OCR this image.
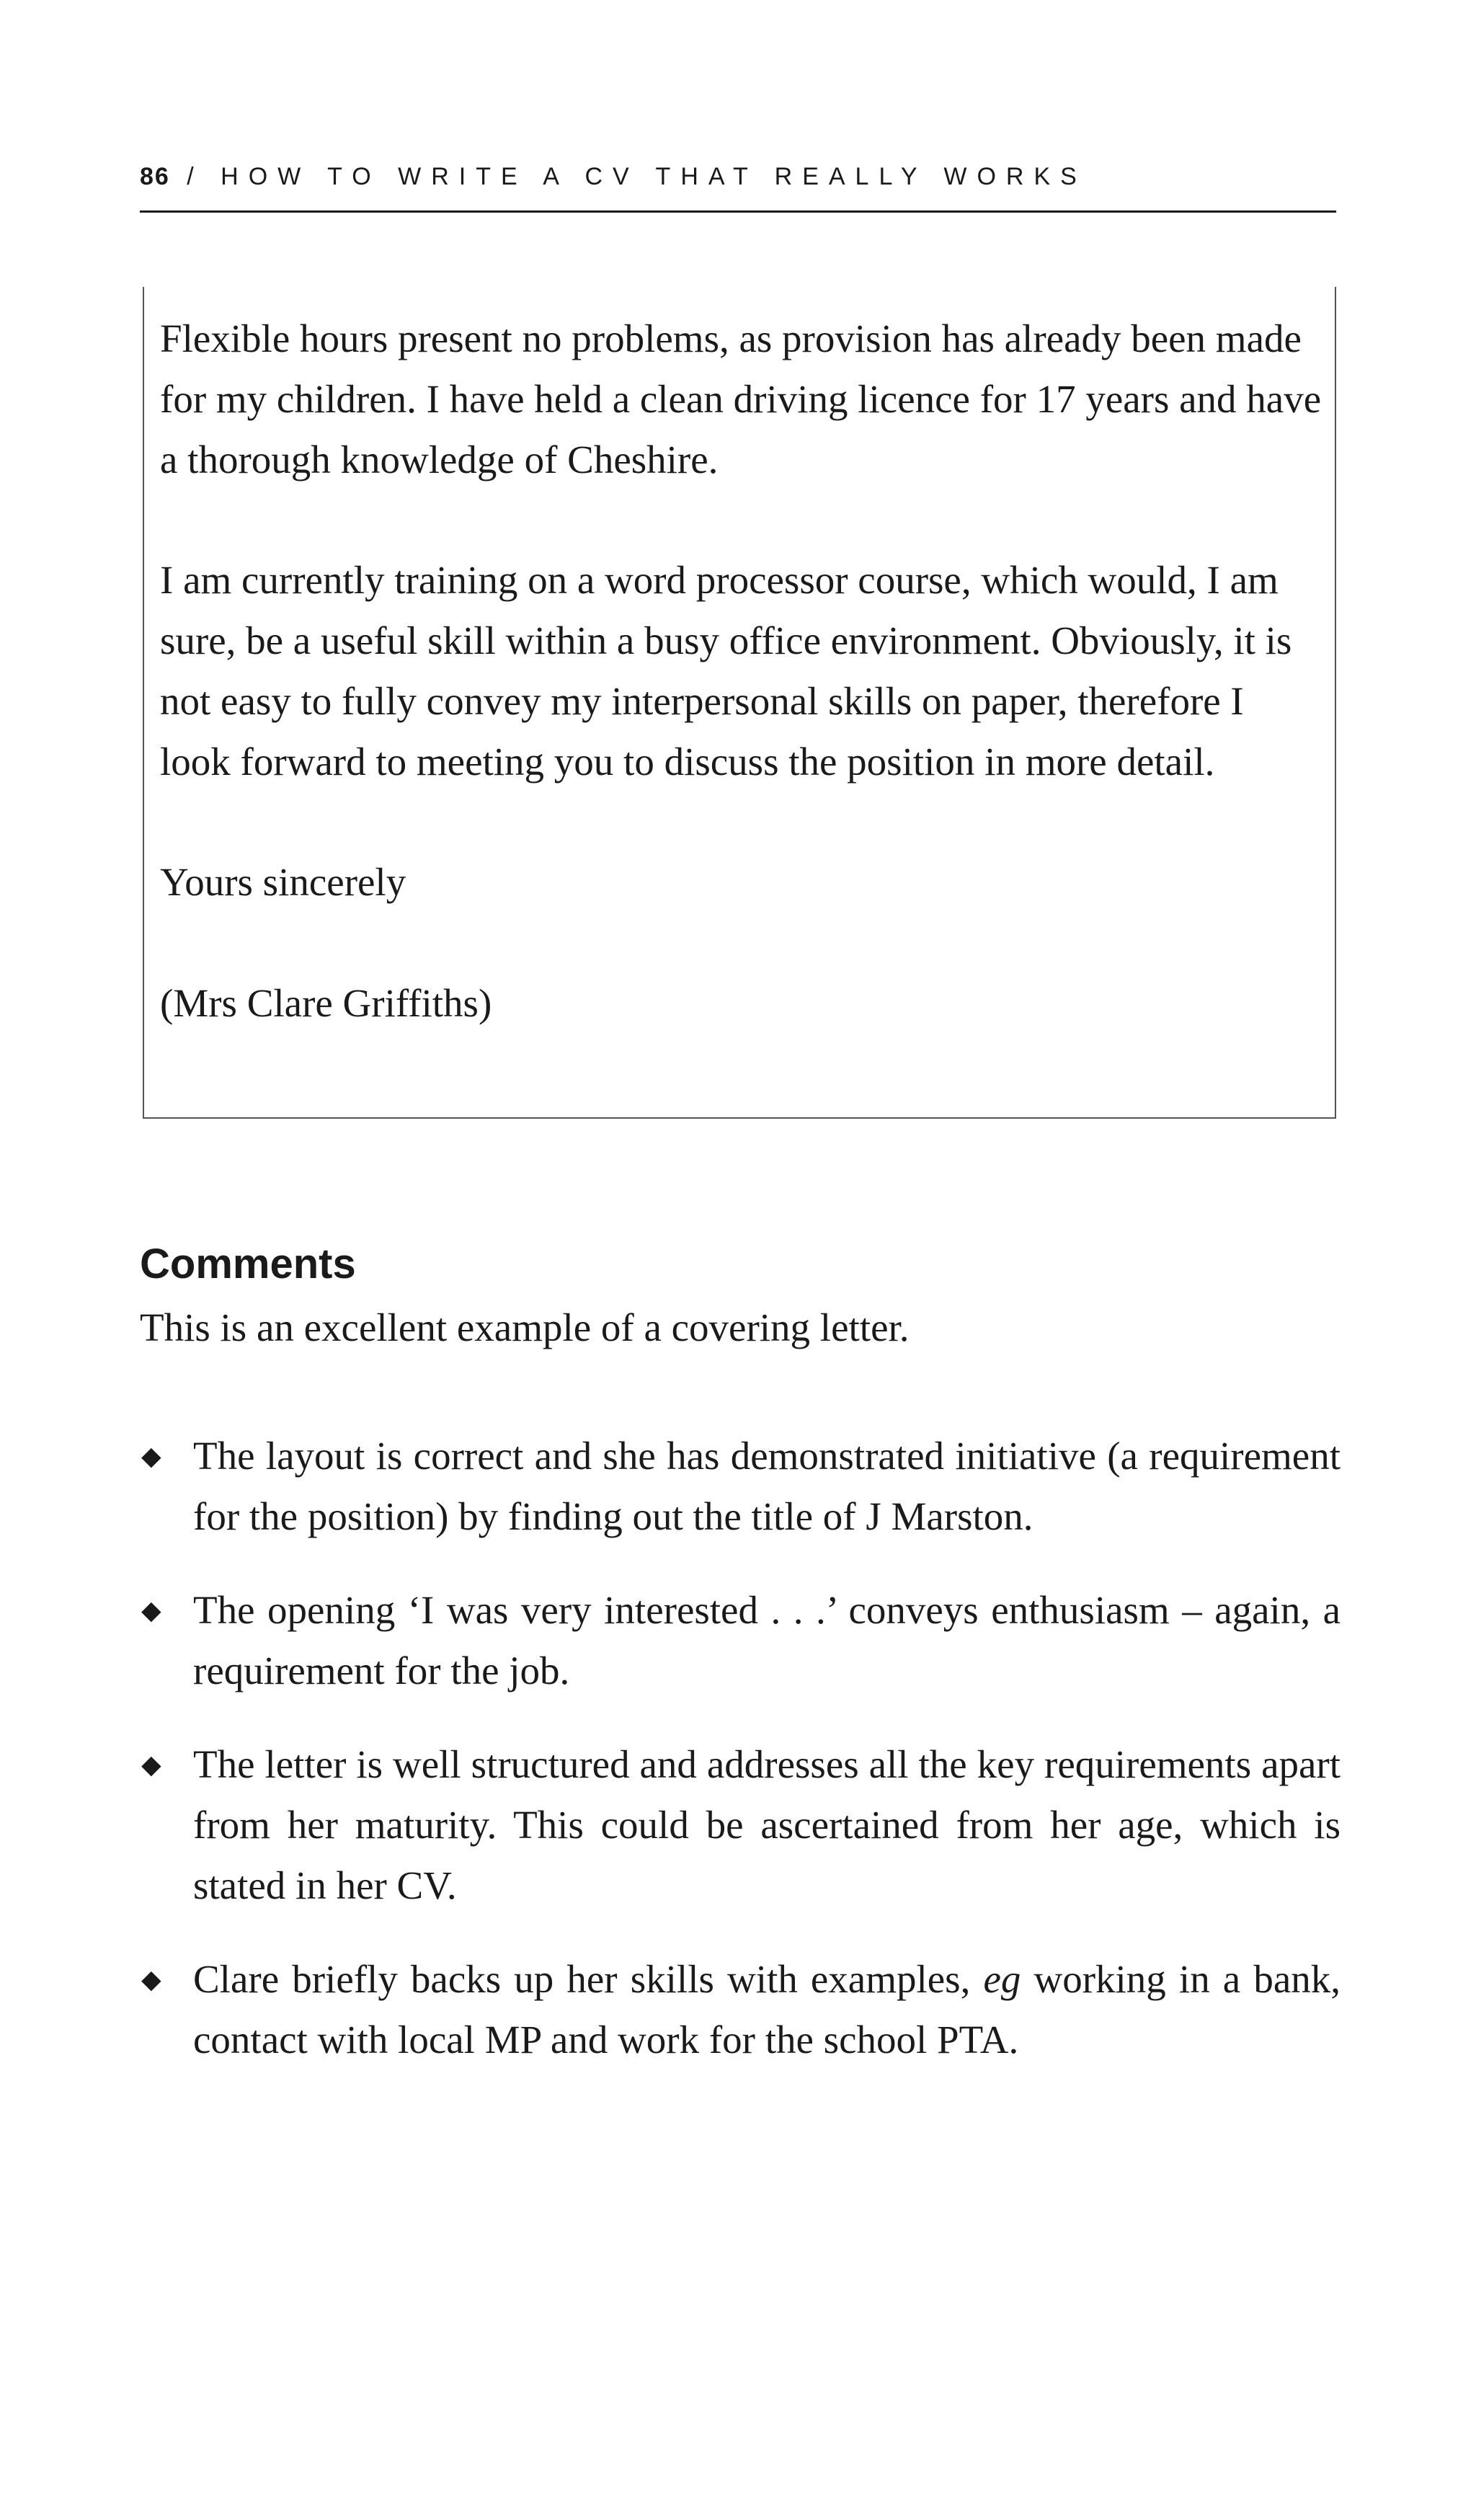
86 / HOW TO WRITE A CV THAT REALLY WORKS

Flexible hours present no problems, as provision has already been made for my children. I have held a clean driving licence for 17 years and have a thorough knowledge of Cheshire.

I am currently training on a word processor course, which would, I am sure, be a useful skill within a busy office environment. Obviously, it is not easy to fully convey my interpersonal skills on paper, therefore I look forward to meeting you to discuss the position in more detail.

Yours sincerely

(Mrs Clare Griffiths)

Comments

This is an excellent example of a covering letter.

◆ The layout is correct and she has demonstrated initiative (a requirement for the position) by finding out the title of J Marston.
◆ The opening ‘I was very interested . . .’ conveys enthusiasm – again, a requirement for the job.
◆ The letter is well structured and addresses all the key requirements apart from her maturity. This could be ascertained from her age, which is stated in her CV.
◆ Clare briefly backs up her skills with examples, eg working in a bank, contact with local MP and work for the school PTA.
